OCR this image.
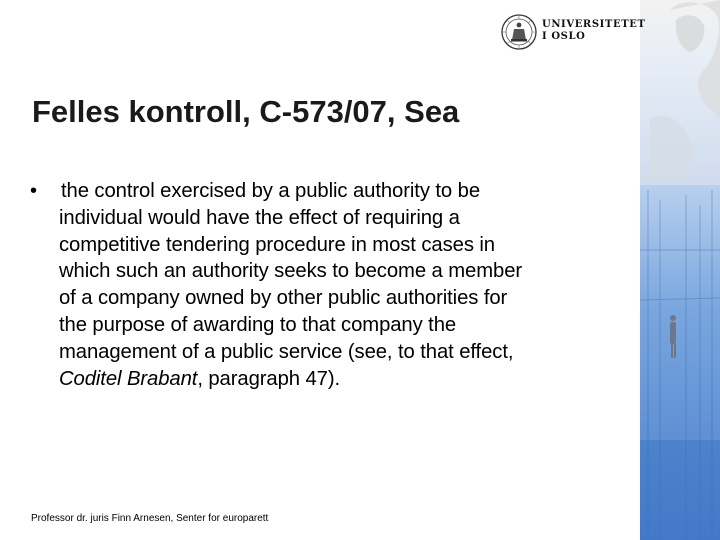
UNIVERSITETET
I OSLO
Felles kontroll, C-573/07, Sea
• the control exercised by a public authority to be
individual would have the effect of requiring a
competitive tendering procedure in most cases in
which such an authority seeks to become a member
of a company owned by other public authorities for
the purpose of awarding to that company the
management of a public service (see, to that effect,
Coditel Brabant, paragraph 47).
Professor dr. juris Finn Arnesen, Senter for europarett
